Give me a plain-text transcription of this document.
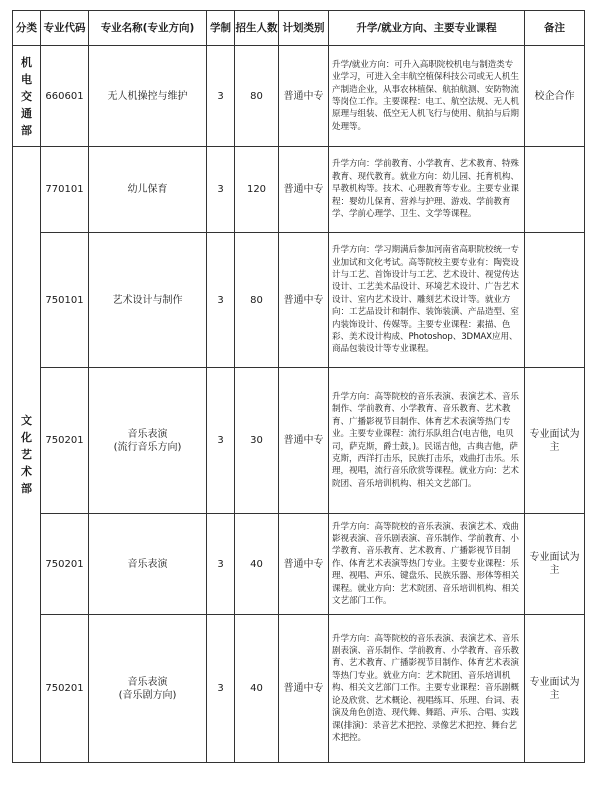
分类	专业代码	专业名称(专业方向)	学制	招生人数	计划类别	升学/就业方向、主要专业课程	备注
机电交通部	660601	无人机操控与维护	3	80	普通中专	升学/就业方向：可升入高职院校机电与制造类专业学习，可进入全丰航空植保科技公司或无人机生产制造企业，从事农林植保、航拍航测、安防物流等岗位工作。主要课程：电工、航空法规、无人机原理与组装、低空无人机飞行与使用、航拍与后期处理等。	校企合作
文化艺术部	770101	幼儿保育	3	120	普通中专	升学方向：学前教育、小学教育、艺术教育、特殊教育、现代教育。就业方向：幼儿园、托育机构、早教机构等。技术、心理教育等专业。主要专业课程：婴幼儿保育、营养与护理、游戏、学前教育学、学前心理学、卫生、文学等课程。	
	750101	艺术设计与制作	3	80	普通中专	升学方向：学习期满后参加河南省高职院校统一专业加试和文化考试。高等院校主要专业有：陶瓷设计与工艺、首饰设计与工艺、艺术设计、视觉传达设计、工艺美术品设计、环境艺术设计、广告艺术设计、室内艺术设计、雕刻艺术设计等。就业方向：工艺品设计和制作、装饰装潢、产品造型、室内装饰设计、传媒等。主要专业课程：素描、色彩、美术设计构成、Photoshop、3DMAX应用、商品包装设计等专业课程。	
	750201	音乐表演
(流行音乐方向)	3	30	普通中专	升学方向：高等院校的音乐表演、表演艺术、音乐制作、学前教育、小学教育、音乐教育、艺术教育、广播影视节目制作、体育艺术表演等热门专业。主要专业课程：流行乐队组合(电吉他，电贝司，萨克斯，爵士鼓，)。民谣吉他，古典吉他，萨克斯，西洋打击乐，民族打击乐，戏曲打击乐。乐理，视唱，流行音乐欣赏等课程。就业方向：艺术院团、音乐培训机构、相关文艺部门。	专业面试为主
	750201	音乐表演	3	40	普通中专	升学方向：高等院校的音乐表演、表演艺术、戏曲影视表演、音乐剧表演、音乐制作、学前教育、小学教育、音乐教育、艺术教育、广播影视节目制作、体育艺术表演等热门专业。主要专业课程：乐理、视唱、声乐、键盘乐、民族乐器、形体等相关课程。就业方向：艺术院团、音乐培训机构、相关文艺部门工作。	专业面试为主
	750201	音乐表演
(音乐剧方向)	3	40	普通中专	升学方向：高等院校的音乐表演、表演艺术、音乐剧表演、音乐制作、学前教育、小学教育、音乐教育、艺术教育、广播影视节目制作、体育艺术表演等热门专业。就业方向：艺术院团、音乐培训机构、相关文艺部门工作。主要专业课程：音乐剧概论及欣赏、艺术概论、视唱练耳、乐理、台词、表演及角色创造、现代舞、舞蹈、声乐、合唱、实践课(排演)：录音艺术把控、录像艺术把控、舞台艺术把控。	专业面试为主
